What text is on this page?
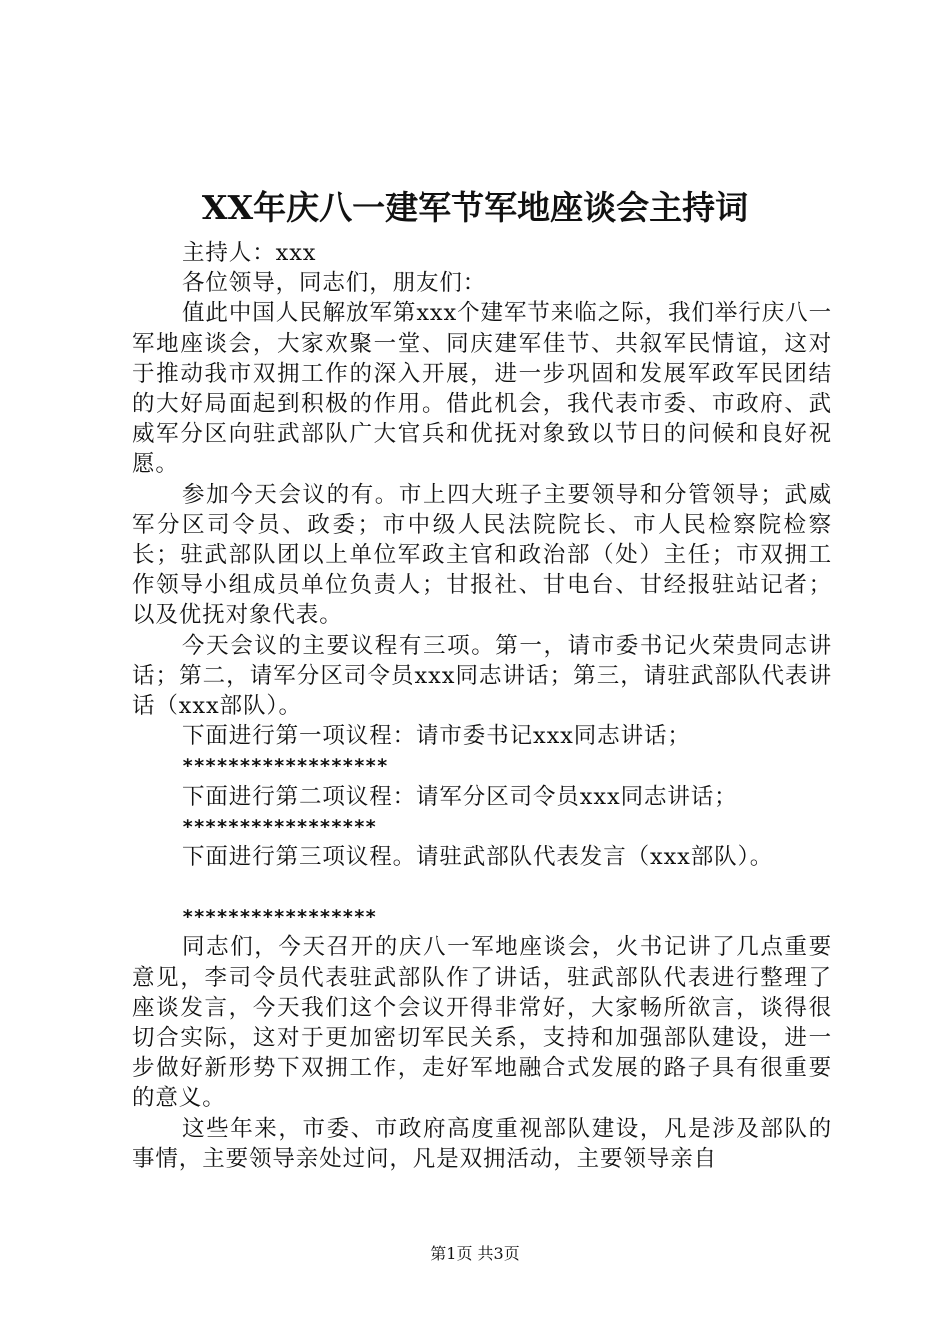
XX年庆八一建军节军地座谈会主持词

主持人：xxx

各位领导，同志们，朋友们：

值此中国人民解放军第xxx个建军节来临之际，我们举行庆八一军地座谈会，大家欢聚一堂、同庆建军佳节、共叙军民情谊，这对于推动我市双拥工作的深入开展，进一步巩固和发展军政军民团结的大好局面起到积极的作用。借此机会，我代表市委、市政府、武威军分区向驻武部队广大官兵和优抚对象致以节日的问候和良好祝愿。

参加今天会议的有。市上四大班子主要领导和分管领导；武威军分区司令员、政委；市中级人民法院院长、市人民检察院检察长；驻武部队团以上单位军政主官和政治部（处）主任；市双拥工作领导小组成员单位负责人；甘报社、甘电台、甘经报驻站记者；以及优抚对象代表。

今天会议的主要议程有三项。第一，请市委书记火荣贵同志讲话；第二，请军分区司令员xxx同志讲话；第三，请驻武部队代表讲话（xxx部队）。

下面进行第一项议程：请市委书记xxx同志讲话；

******************

下面进行第二项议程：请军分区司令员xxx同志讲话；

*****************

下面进行第三项议程。请驻武部队代表发言（xxx部队）。

*****************

同志们，今天召开的庆八一军地座谈会，火书记讲了几点重要意见，李司令员代表驻武部队作了讲话，驻武部队代表进行整理了座谈发言，今天我们这个会议开得非常好，大家畅所欲言，谈得很切合实际，这对于更加密切军民关系，支持和加强部队建设，进一步做好新形势下双拥工作，走好军地融合式发展的路子具有很重要的意义。

这些年来，市委、市政府高度重视部队建设，凡是涉及部队的事情，主要领导亲处过问，凡是双拥活动，主要领导亲自

第1页 共3页
